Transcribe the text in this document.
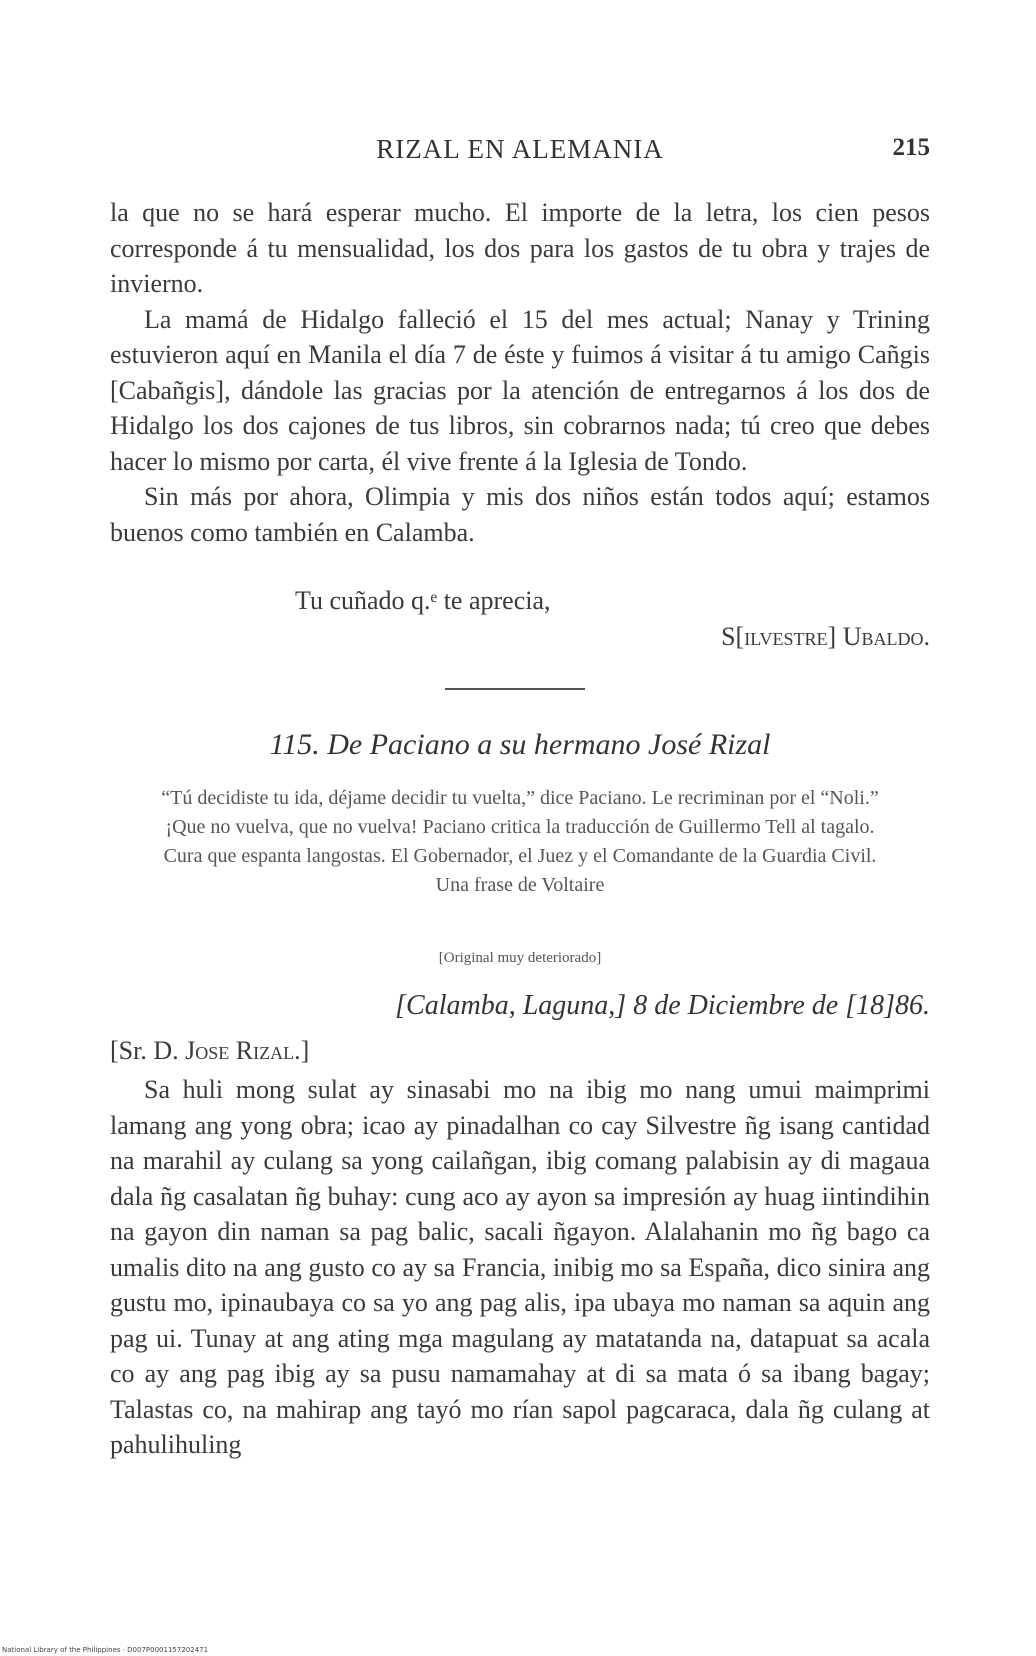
RIZAL EN ALEMANIA	215

la que no se hará esperar mucho. El importe de la letra, los cien pesos corresponde á tu mensualidad, los dos para los gastos de tu obra y trajes de invierno.

La mamá de Hidalgo falleció el 15 del mes actual; Nanay y Trining estuvieron aquí en Manila el día 7 de éste y fuimos á visitar á tu amigo Cañgis [Cabañgis], dándole las gracias por la atención de entregarnos á los dos de Hidalgo los dos cajones de tus libros, sin cobrarnos nada; tú creo que debes hacer lo mismo por carta, él vive frente á la Iglesia de Tondo.

Sin más por ahora, Olimpia y mis dos niños están todos aquí; estamos buenos como también en Calamba.

Tu cuñado q.ᵉ te aprecia,
S[ilvestre] Ubaldo.
115. De Paciano a su hermano José Rizal
“Tú decidiste tu ida, déjame decidir tu vuelta,” dice Paciano. Le recriminan por el “Noli.” ¡Que no vuelva, que no vuelva! Paciano critica la traducción de Guillermo Tell al tagalo. Cura que espanta langostas. El Gobernador, el Juez y el Comandante de la Guardia Civil. Una frase de Voltaire
[Original muy deteriorado]
[Calamba, Laguna,] 8 de Diciembre de [18]86.
[Sr. D. Jose Rizal.]

Sa huli mong sulat ay sinasabi mo na ibig mo nang umui maimprimi lamang ang yong obra; icao ay pinadalhan co cay Silvestre ñg isang cantidad na marahil ay culang sa yong cailañgan, ibig comang palabisin ay di magaua dala ñg casalatan ñg buhay: cung aco ay ayon sa impresión ay huag iintindihin na gayon din naman sa pag balic, sacali ñgayon. Alalahanin mo ñg bago ca umalis dito na ang gusto co ay sa Francia, inibig mo sa España, dico sinira ang gustu mo, ipinaubaya co sa yo ang pag alis, ipa ubaya mo naman sa aquin ang pag ui. Tunay at ang ating mga magulang ay matatanda na, datapuat sa acala co ay ang pag ibig ay sa pusu namamahay at di sa mata ó sa ibang bagay; Talastas co, na mahirap ang tayó mo rían sapol pagcaraca, dala ñg culang at pahulihuling

National Library of the Philippines · D007P0001157202471
